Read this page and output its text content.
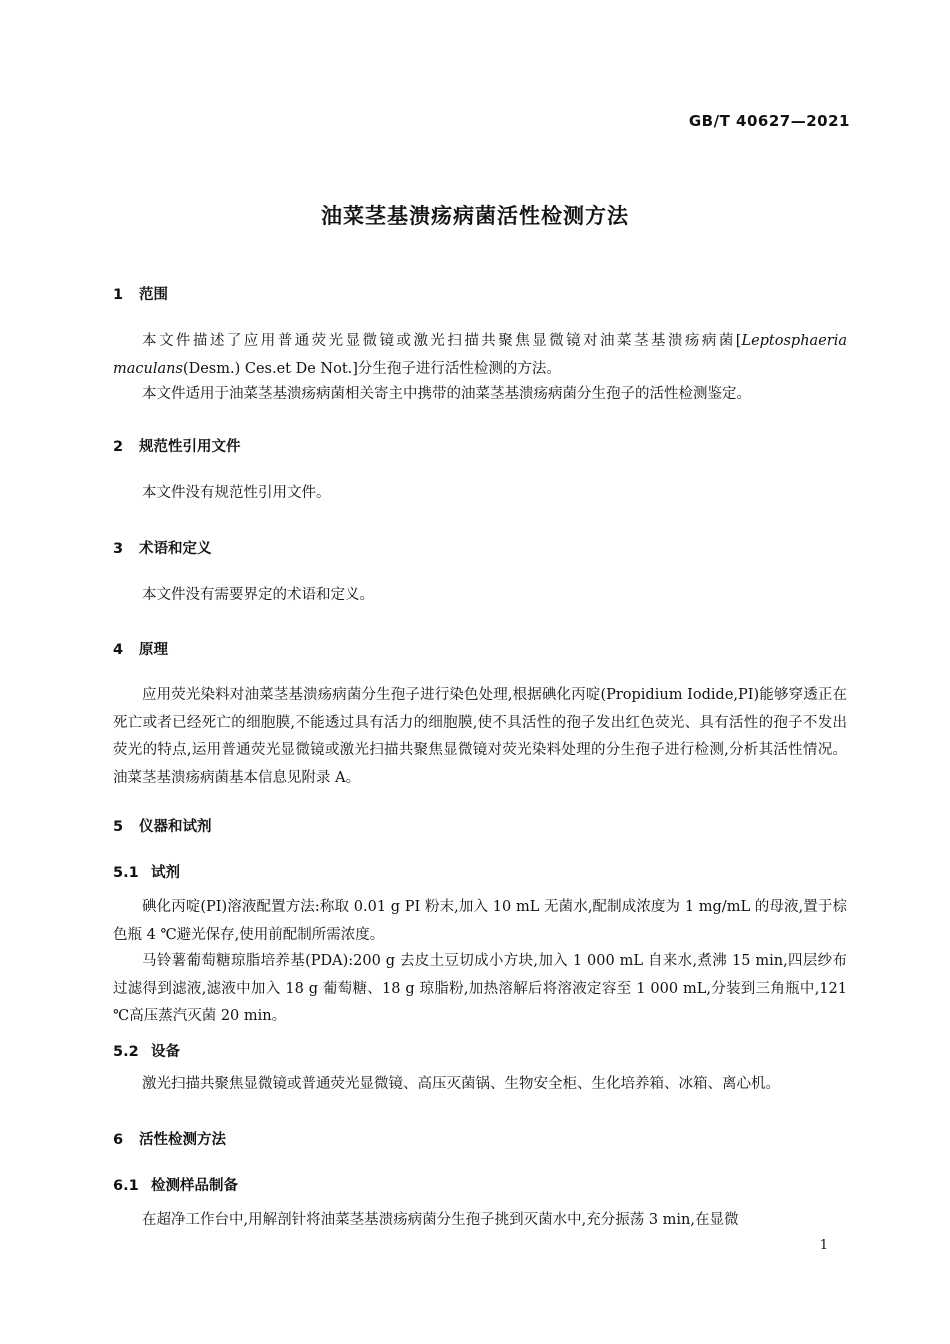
GB/T 40627—2021
油菜茎基溃疡病菌活性检测方法
1 范围

本文件描述了应用普通荧光显微镜或激光扫描共聚焦显微镜对油菜茎基溃疡病菌[Leptosphaeria maculans(Desm.) Ces.et De Not.]分生孢子进行活性检测的方法。

本文件适用于油菜茎基溃疡病菌相关寄主中携带的油菜茎基溃疡病菌分生孢子的活性检测鉴定。

2 规范性引用文件

本文件没有规范性引用文件。

3 术语和定义

本文件没有需要界定的术语和定义。

4 原理

应用荧光染料对油菜茎基溃疡病菌分生孢子进行染色处理,根据碘化丙啶(Propidium Iodide,PI)能够穿透正在死亡或者已经死亡的细胞膜,不能透过具有活力的细胞膜,使不具活性的孢子发出红色荧光、具有活性的孢子不发出荧光的特点,运用普通荧光显微镜或激光扫描共聚焦显微镜对荧光染料处理的分生孢子进行检测,分析其活性情况。油菜茎基溃疡病菌基本信息见附录 A。

5 仪器和试剂
5.1 试剂

碘化丙啶(PI)溶液配置方法:称取 0.01 g PI 粉末,加入 10 mL 无菌水,配制成浓度为 1 mg/mL 的母液,置于棕色瓶 4 ℃避光保存,使用前配制所需浓度。

马铃薯葡萄糖琼脂培养基(PDA):200 g 去皮土豆切成小方块,加入 1 000 mL 自来水,煮沸 15 min,四层纱布过滤得到滤液,滤液中加入 18 g 葡萄糖、18 g 琼脂粉,加热溶解后将溶液定容至 1 000 mL,分装到三角瓶中,121 ℃高压蒸汽灭菌 20 min。

5.2 设备

激光扫描共聚焦显微镜或普通荧光显微镜、高压灭菌锅、生物安全柜、生化培养箱、冰箱、离心机。

6 活性检测方法
6.1 检测样品制备

在超净工作台中,用解剖针将油菜茎基溃疡病菌分生孢子挑到灭菌水中,充分振荡 3 min,在显微

1
